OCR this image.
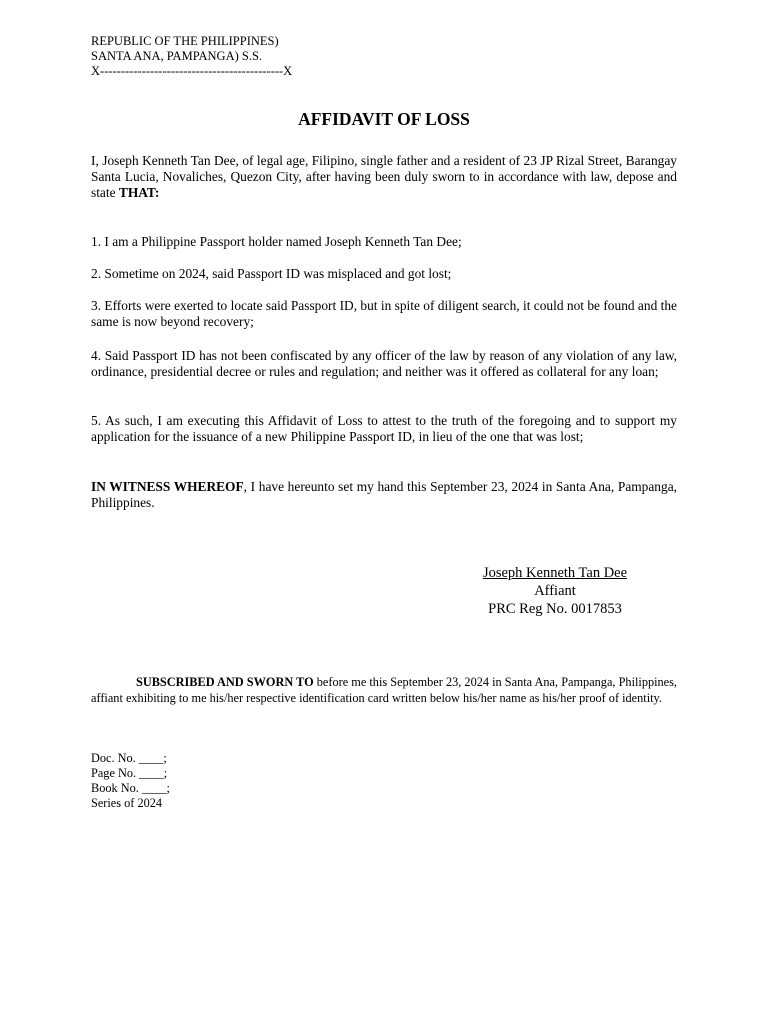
REPUBLIC OF THE PHILIPPINES)
SANTA ANA, PAMPANGA) S.S.
X--------------------------------------------X
AFFIDAVIT OF LOSS
I, Joseph Kenneth Tan Dee, of legal age, Filipino, single father and a resident of 23 JP Rizal Street, Barangay Santa Lucia, Novaliches, Quezon City, after having been duly sworn to in accordance with law, depose and state THAT:
1. I am a Philippine Passport holder named Joseph Kenneth Tan Dee;
2. Sometime on 2024, said Passport ID was misplaced and got lost;
3. Efforts were exerted to locate said Passport ID, but in spite of diligent search, it could not be found and the same is now beyond recovery;
4. Said Passport ID has not been confiscated by any officer of the law by reason of any violation of any law, ordinance, presidential decree or rules and regulation; and neither was it offered as collateral for any loan;
5. As such, I am executing this Affidavit of Loss to attest to the truth of the foregoing and to support my application for the issuance of a new Philippine Passport ID, in lieu of the one that was lost;
IN WITNESS WHEREOF, I have hereunto set my hand this September 23, 2024 in Santa Ana, Pampanga, Philippines.
Joseph Kenneth Tan Dee
Affiant
PRC Reg No. 0017853
SUBSCRIBED AND SWORN TO before me this September 23, 2024 in Santa Ana, Pampanga, Philippines, affiant exhibiting to me his/her respective identification card written below his/her name as his/her proof of identity.
Doc. No. ____;
Page No. ____;
Book No. ____;
Series of 2024
